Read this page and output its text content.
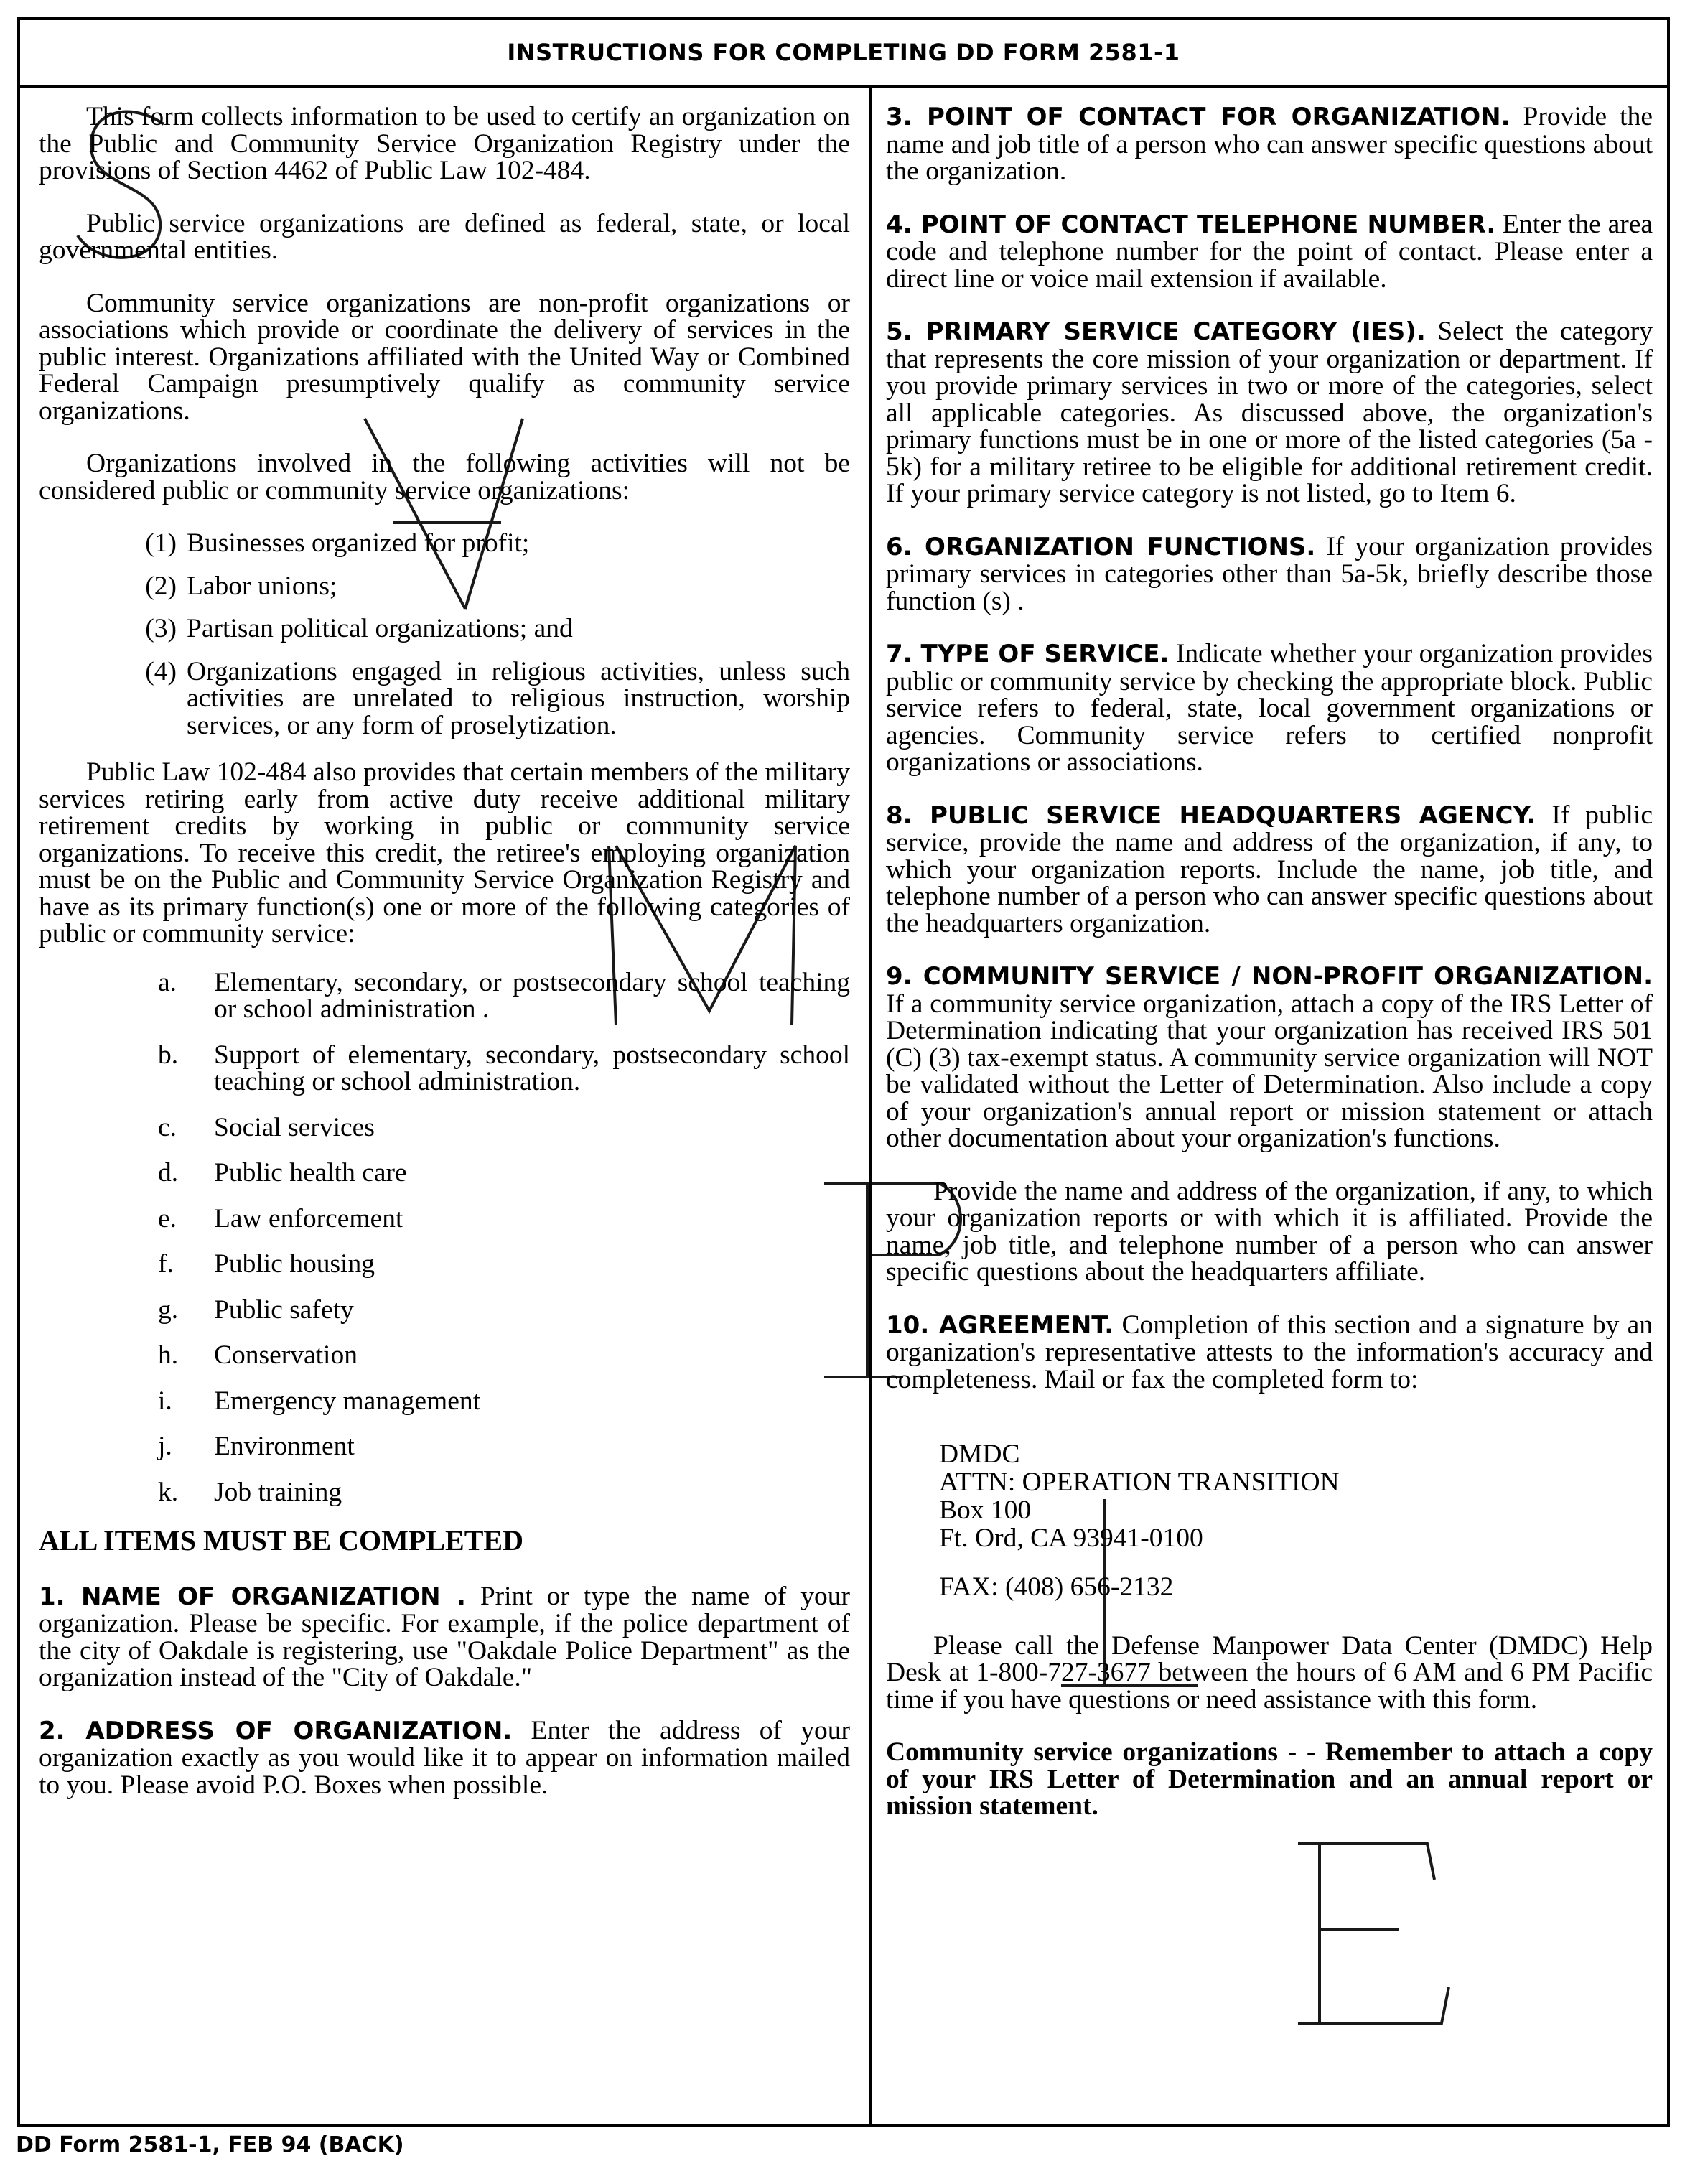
INSTRUCTIONS FOR COMPLETING DD FORM 2581-1

This form collects information to be used to certify an organization on the Public and Community Service Organization Registry under the provisions of Section 4462 of Public Law 102-484.

Public service organizations are defined as federal, state, or local governmental entities.

Community service organizations are non-profit organizations or associations which provide or coordinate the delivery of services in the public interest. Organizations affiliated with the United Way or Combined Federal Campaign presumptively qualify as community service organizations.

Organizations involved in the following activities will not be considered public or community service organizations:

(1) Businesses organized for profit;
(2) Labor unions;
(3) Partisan political organizations; and
(4) Organizations engaged in religious activities, unless such activities are unrelated to religious instruction, worship services, or any form of proselytization.

Public Law 102-484 also provides that certain members of the military services retiring early from active duty receive additional military retirement credits by working in public or community service organizations. To receive this credit, the retiree's employing organization must be on the Public and Community Service Organization Registry and have as its primary function(s) one or more of the following categories of public or community service:

a.	Elementary, secondary, or postsecondary school teaching or school administration .
b.	Support of elementary, secondary, postsecondary school teaching or school administration.
c.	Social services
d.	Public health care
e.	Law enforcement
f.	Public housing
g.	Public safety
h.	Conservation
i.	Emergency management
j.	Environment
k.	Job training
ALL ITEMS MUST BE COMPLETED

1. NAME OF ORGANIZATION . Print or type the name of your organization. Please be specific. For example, if the police department of the city of Oakdale is registering, use "Oakdale Police Department" as the organization instead of the "City of Oakdale."

2. ADDRESS OF ORGANIZATION. Enter the address of your organization exactly as you would like it to appear on information mailed to you. Please avoid P.O. Boxes when possible.

3. POINT OF CONTACT FOR ORGANIZATION. Provide the name and job title of a person who can answer specific questions about the organization.

4. POINT OF CONTACT TELEPHONE NUMBER. Enter the area code and telephone number for the point of contact. Please enter a direct line or voice mail extension if available.

5. PRIMARY SERVICE CATEGORY (IES). Select the category that represents the core mission of your organization or department. If you provide primary services in two or more of the categories, select all applicable categories. As discussed above, the organization's primary functions must be in one or more of the listed categories (5a - 5k) for a military retiree to be eligible for additional retirement credit. If your primary service category is not listed, go to Item 6.

6. ORGANIZATION FUNCTIONS. If your organization provides primary services in categories other than 5a-5k, briefly describe those function (s) .

7. TYPE OF SERVICE. Indicate whether your organization provides public or community service by checking the appropriate block. Public service refers to federal, state, local government organizations or agencies. Community service refers to certified nonprofit organizations or associations.

8. PUBLIC SERVICE HEADQUARTERS AGENCY. If public service, provide the name and address of the organization, if any, to which your organization reports. Include the name, job title, and telephone number of a person who can answer specific questions about the headquarters organization.

9. COMMUNITY SERVICE / NON-PROFIT ORGANIZATION. If a community service organization, attach a copy of the IRS Letter of Determination indicating that your organization has received IRS 501 (C) (3) tax-exempt status. A community service organization will NOT be validated without the Letter of Determination. Also include a copy of your organization's annual report or mission statement or attach other documentation about your organization's functions.

Provide the name and address of the organization, if any, to which your organization reports or with which it is affiliated. Provide the name, job title, and telephone number of a person who can answer specific questions about the headquarters affiliate.

10. AGREEMENT. Completion of this section and a signature by an organization's representative attests to the information's accuracy and completeness. Mail or fax the completed form to:

DMDC
ATTN: OPERATION TRANSITION
Box 100
Ft. Ord, CA 93941-0100
FAX: (408) 656-2132

Please call the Defense Manpower Data Center (DMDC) Help Desk at 1-800-727-3677 between the hours of 6 AM and 6 PM Pacific time if you have questions or need assistance with this form.

Community service organizations - - Remember to attach a copy of your IRS Letter of Determination and an annual report or mission statement.

DD Form 2581-1, FEB 94 (BACK)
